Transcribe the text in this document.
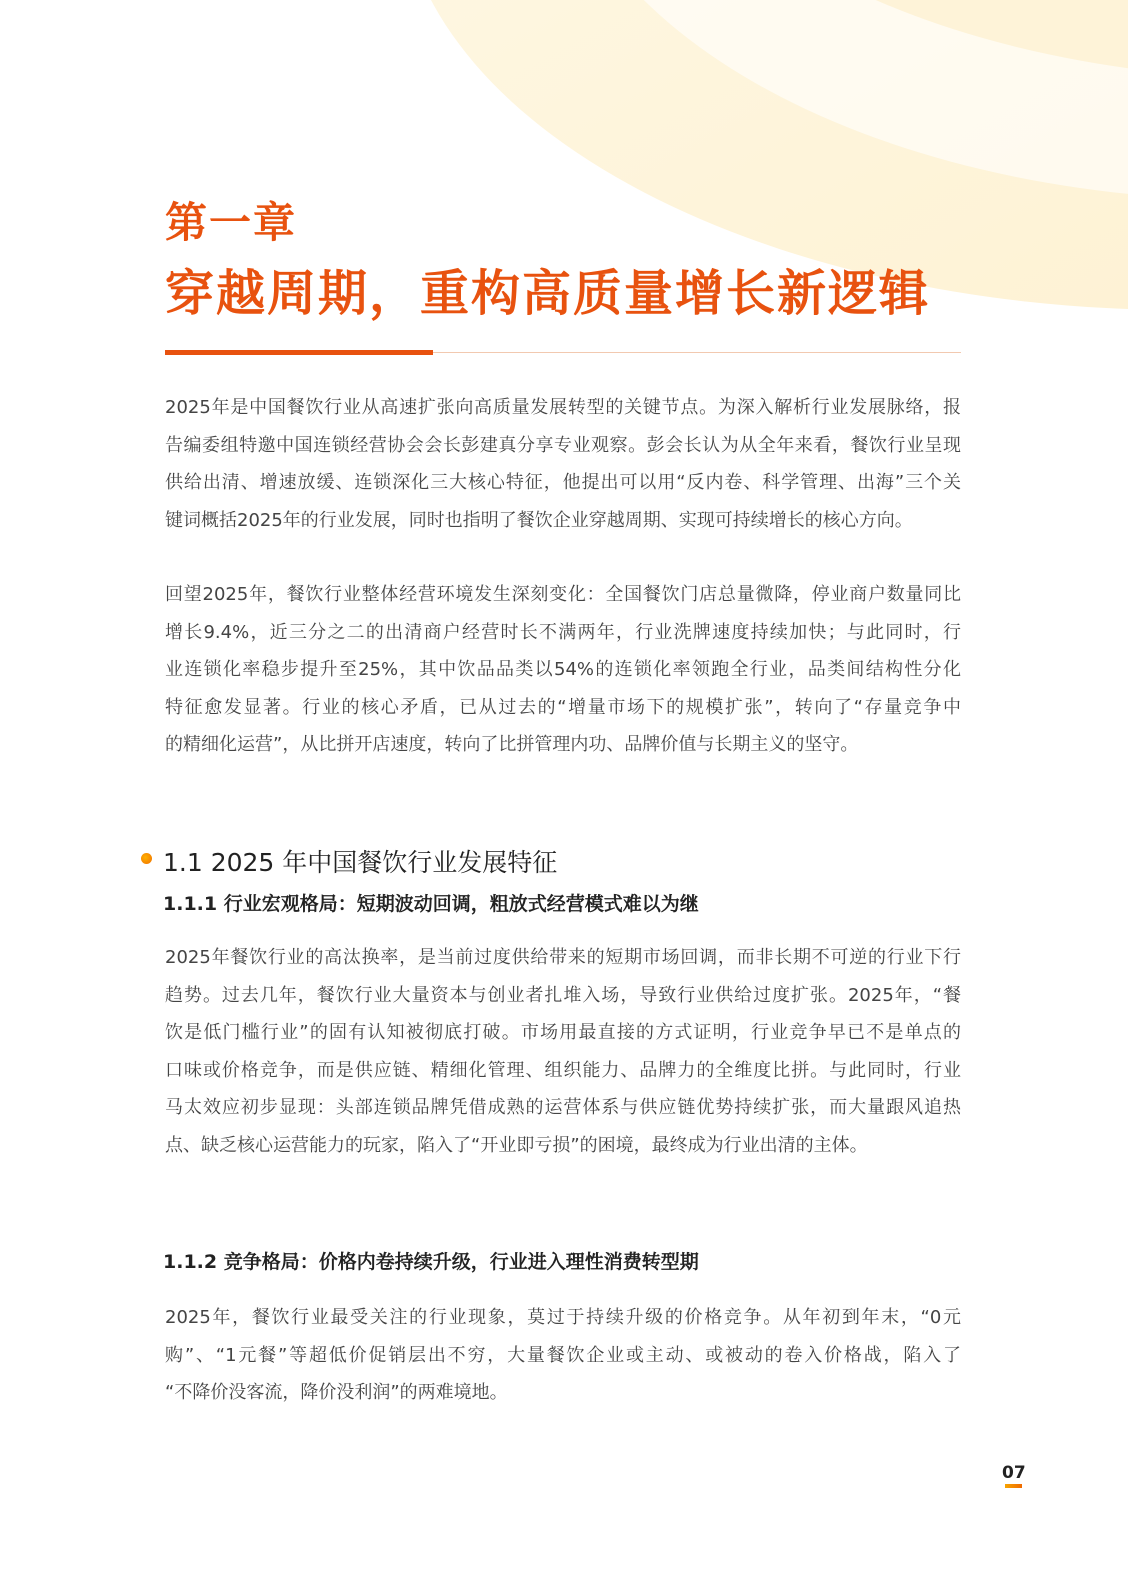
第一章
穿越周期，重构高质量增长新逻辑
2025年是中国餐饮行业从高速扩张向高质量发展转型的关键节点。为深入解析行业发展脉络，报
告编委组特邀中国连锁经营协会会长彭建真分享专业观察。彭会长认为从全年来看，餐饮行业呈现
供给出清、增速放缓、连锁深化三大核心特征，他提出可以用“反内卷、科学管理、出海”三个关
键词概括2025年的行业发展，同时也指明了餐饮企业穿越周期、实现可持续增长的核心方向。
回望2025年，餐饮行业整体经营环境发生深刻变化：全国餐饮门店总量微降，停业商户数量同比
增长9.4%，近三分之二的出清商户经营时长不满两年，行业洗牌速度持续加快；与此同时，行
业连锁化率稳步提升至25%，其中饮品品类以54%的连锁化率领跑全行业，品类间结构性分化
特征愈发显著。行业的核心矛盾，已从过去的“增量市场下的规模扩张”，转向了“存量竞争中
的精细化运营”，从比拼开店速度，转向了比拼管理内功、品牌价值与长期主义的坚守。
1.1 2025 年中国餐饮行业发展特征
1.1.1 行业宏观格局：短期波动回调，粗放式经营模式难以为继
2025年餐饮行业的高汰换率，是当前过度供给带来的短期市场回调，而非长期不可逆的行业下行
趋势。过去几年，餐饮行业大量资本与创业者扎堆入场，导致行业供给过度扩张。2025年，“餐
饮是低门槛行业”的固有认知被彻底打破。市场用最直接的方式证明，行业竞争早已不是单点的
口味或价格竞争，而是供应链、精细化管理、组织能力、品牌力的全维度比拼。与此同时，行业
马太效应初步显现：头部连锁品牌凭借成熟的运营体系与供应链优势持续扩张，而大量跟风追热
点、缺乏核心运营能力的玩家，陷入了“开业即亏损”的困境，最终成为行业出清的主体。
1.1.2 竞争格局：价格内卷持续升级，行业进入理性消费转型期
2025年，餐饮行业最受关注的行业现象，莫过于持续升级的价格竞争。从年初到年末，“0元
购”、“1元餐”等超低价促销层出不穷，大量餐饮企业或主动、或被动的卷入价格战，陷入了
“不降价没客流，降价没利润”的两难境地。
07
